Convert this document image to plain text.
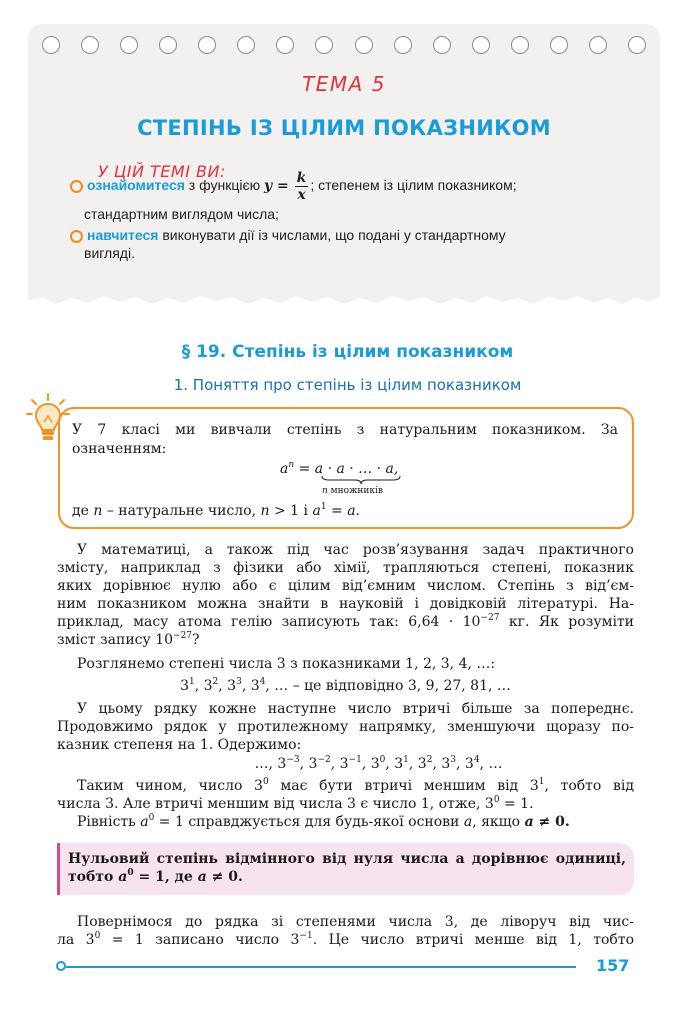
ТЕМА 5
СТЕПІНЬ ІЗ ЦІЛИМ ПОКАЗНИКОМ
У ЦІЙ ТЕМІ ВИ:
ознайомитеся з функцією $y = \frac{k}{x}$ ; степенем із цілим показником;
стандартним виглядом числа;
навчитеся виконувати дії із числами, що подані у стандартному
вигляді.
§ 19. Степінь із цілим показником
1. Поняття про степінь із цілим показником
У 7 класі ми вивчали степінь з натуральним показником. За
означенням:
$a^n = a \cdot a$ · … · a,
n множників
де n – натуральне число, n > 1 і $a^1 = a$.
У математиці, а також під час розв’язування задач практичного
змісту, наприклад з фізики або хімії, трапляються степені, показник
яких дорівнює нулю або є цілим від’ємним числом. Степінь з від’єм-
ним показником можна знайти в науковій і довідковій літературі. На-
приклад, масу атома гелію записують так: $6,64 \cdot 10^{-27}$ кг. Як розуміти
зміст запису $10^{-27}$?
Розглянемо степені числа 3 з показниками 1, 2, 3, 4, …:
$3^1$, $3^2$, $3^3$, $3^4$, … – це відповідно 3, 9, 27, 81, …
У цьому рядку кожне наступне число втричі більше за попереднє.
Продовжимо рядок у протилежному напрямку, зменшуючи щоразу по-
казник степеня на 1. Одержимо:
…, $3^{-3}$, $3^{-2}$, $3^{-1}$, $3^0$, $3^1$, $3^2$, $3^3$, $3^4$, …
Таким чином, число $3^0$ має бути втричі меншим від $3^1$, тобто від
числа 3. Але втричі меншим від числа 3 є число 1, отже, $3^0 = 1$.
Рівність $a^0 = 1$ справджується для будь-якої основи a, якщо a ≠ 0.
Нульовий степінь відмінного від нуля числа a дорівнює одиниці,
тобто $a^0 = 1$, де a ≠ 0.
Повернімося до рядка зі степенями числа 3, де ліворуч від чис-
ла $3^0 = 1$ записано число $3^{-1}$. Це число втричі менше від 1, тобто
157
